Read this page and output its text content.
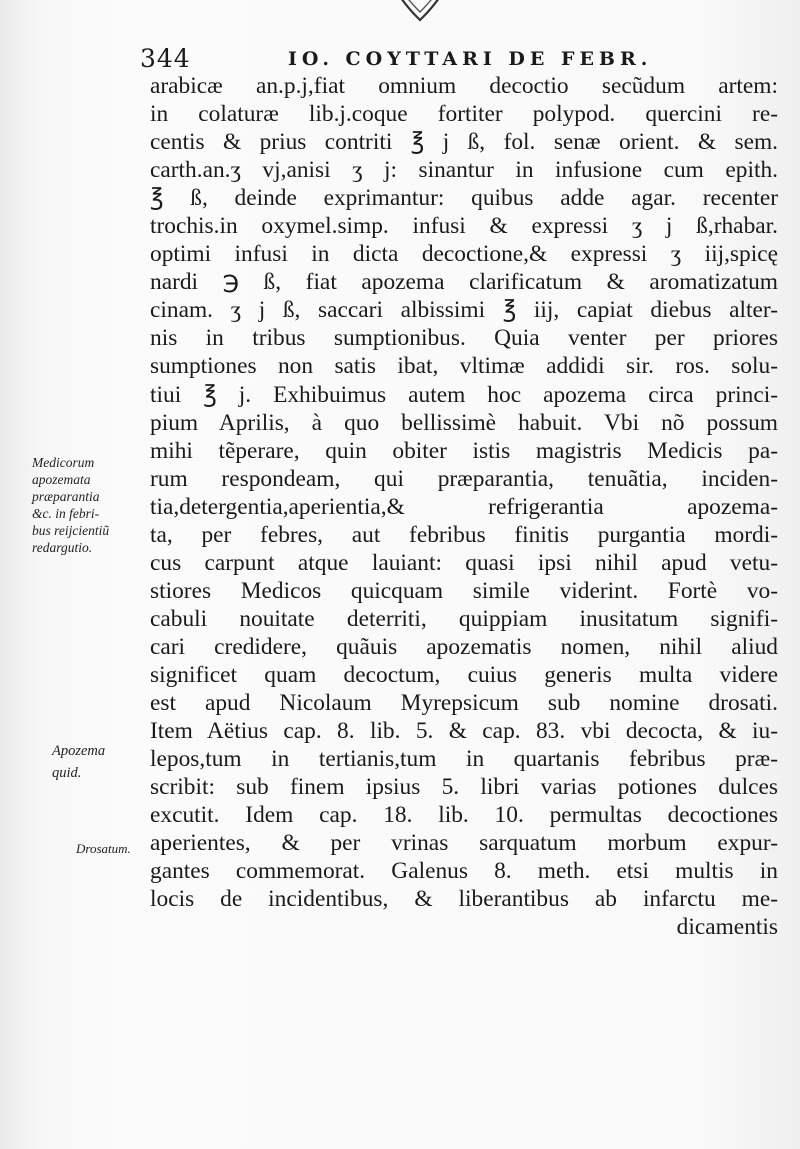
344	IO. COYTTARI DE FEBR.

arabicæ an.p.j,fiat omnium decoctio secũdum artem:
in colaturæ lib.j.coque fortiter polypod. quercini re-
centis & prius contriti ℥ j ß, fol. senæ orient. & sem.
carth.an.ʒ vj,anisi ʒ j: sinantur in infusione cum epith.
℥ ß, deinde exprimantur: quibus adde agar. recenter
trochis.in oxymel.simp. infusi & expressi ʒ j ß,rhabar.
optimi infusi in dicta decoctione,& expressi ʒ iij,spicę
nardi ℈ ß, fiat apozema clarificatum & aromatizatum
cinam. ʒ j ß, saccari albissimi ℥ iij, capiat diebus alter-
nis in tribus sumptionibus. Quia venter per priores
sumptiones non satis ibat, vltimæ addidi sir. ros. solu-
tiui ℥ j. Exhibuimus autem hoc apozema circa princi-
pium Aprilis, à quo bellissimè habuit. Vbi nõ possum
mihi tẽperare, quin obiter istis magistris Medicis pa-
rum respondeam, qui præparantia, tenuãtia, inciden-
tia,detergentia,aperientia,& refrigerantia apozema-
ta, per febres, aut febribus finitis purgantia mordi-
cus carpunt atque lauiant: quasi ipsi nihil apud vetu-
stiores Medicos quicquam simile viderint. Fortè vo-
cabuli nouitate deterriti, quippiam inusitatum signifi-
cari credidere, quãuis apozematis nomen, nihil aliud
significet quam decoctum, cuius generis multa videre
est apud Nicolaum Myrepsicum sub nomine drosati.
Item Aëtius cap. 8. lib. 5. & cap. 83. vbi decocta, & iu-
lepos,tum in tertianis,tum in quartanis febribus præ-
scribit: sub finem ipsius 5. libri varias potiones dulces
excutit. Idem cap. 18. lib. 10. permultas decoctiones
aperientes, & per vrinas sarquatum morbum expur-
gantes commemorat. Galenus 8. meth. etsi multis in
locis de incidentibus, & liberantibus ab infarctu me-
dicamentis
Medicorum
apozemata
præparantia
&c. in febri-
bus reijcientiũ
redargutio.
Apozema
quid.
Drosatum.
